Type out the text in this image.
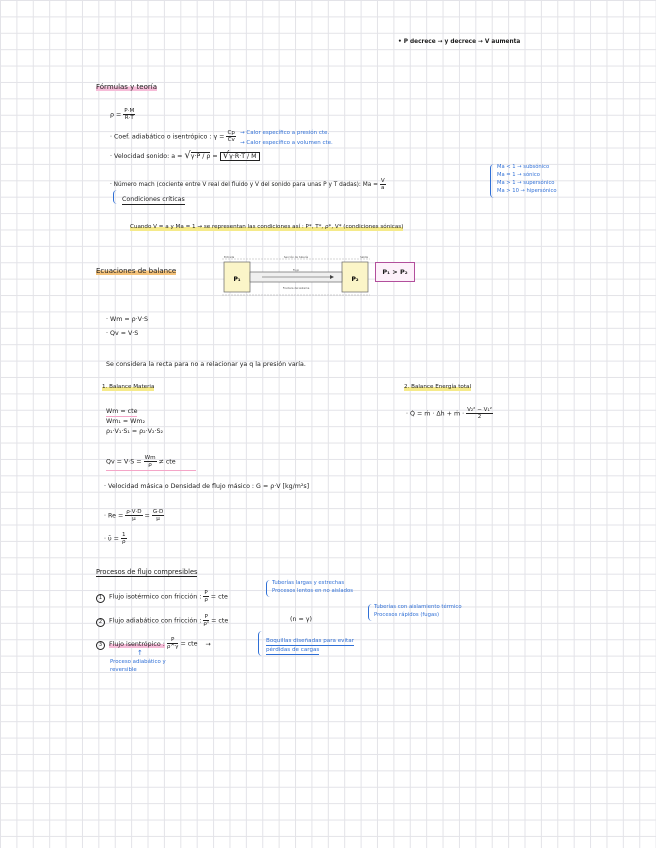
• P decrece → y decrece → V aumenta
Fórmulas y teoría
$\rho = \frac{P\cdot M}{R\cdot T}$
· Coef. adiabático o isentrópico : $\gamma = \frac{Cp}{Cv}$ → Calor específico a presión cte.
→ Calor específico a volumen cte.
· Velocidad sonido: a = √γ·P / ρ = √γ·R·T / M
· Número mach (cociente entre V real del fluido y V del sonido para unas P y T dadas): $Ma = \frac{V}{a}$
Ma < 1 → subsónico
Ma = 1 → sónico
Ma > 1 → supersónico
Ma > 10 → hipersónico
Condiciones críticas
Cuando V = a y Ma = 1 → se representan las condiciones así : P*, T*, ρ*, V* (condiciones sónicas)
Ecuaciones de balance
P₁	P₂
Entrada	Sección de tubería	Salida
Flujo
Frontera del sistema
P₁ > P₂
· Wm = ρ·V·S
· Qv = V·S
Se considera la recta para no a relacionar ya q la presión varía.
1. Balance Materia
Wm = cte
Wm₁ = Wm₂
ρ₁·V₁·S₁ = ρ₂·V₂·S₂
$Qv = V\cdot S = \frac{Wm}{\rho}$ ≠ cte
· Velocidad másica o Densidad de flujo másico : G = ρ·V [kg/m²s]
· $Re = \frac{\rho\cdot V\cdot D}{\mu} = \frac{G\cdot D}{\mu}$
· ῡ = $\frac{1}{\rho}$
2. Balance Energía total
· Q̇ = ṁ · Δh + ṁ · $\frac{\text{V₂² − V₁²}}{2}$
Procesos de flujo compresibles
1 Flujo isotérmico con fricción : $\frac{P}{\rho}$ = cte
Tuberías largas y estrechas
Procesos lentos en no aislados
2 Flujo adiabático con fricción : $\frac{P}{\text{ρⁿ}}$ = cte	(n = γ)
Tuberías con aislamiento térmico
Procesos rápidos (fugas)
3 Flujo isentrópico : $\frac{P}{\rho\^{}\gamma}$ = cte →	Boquillas diseñadas para evitar
pérdidas de cargas
↑
Proceso adiabático y
reversible
